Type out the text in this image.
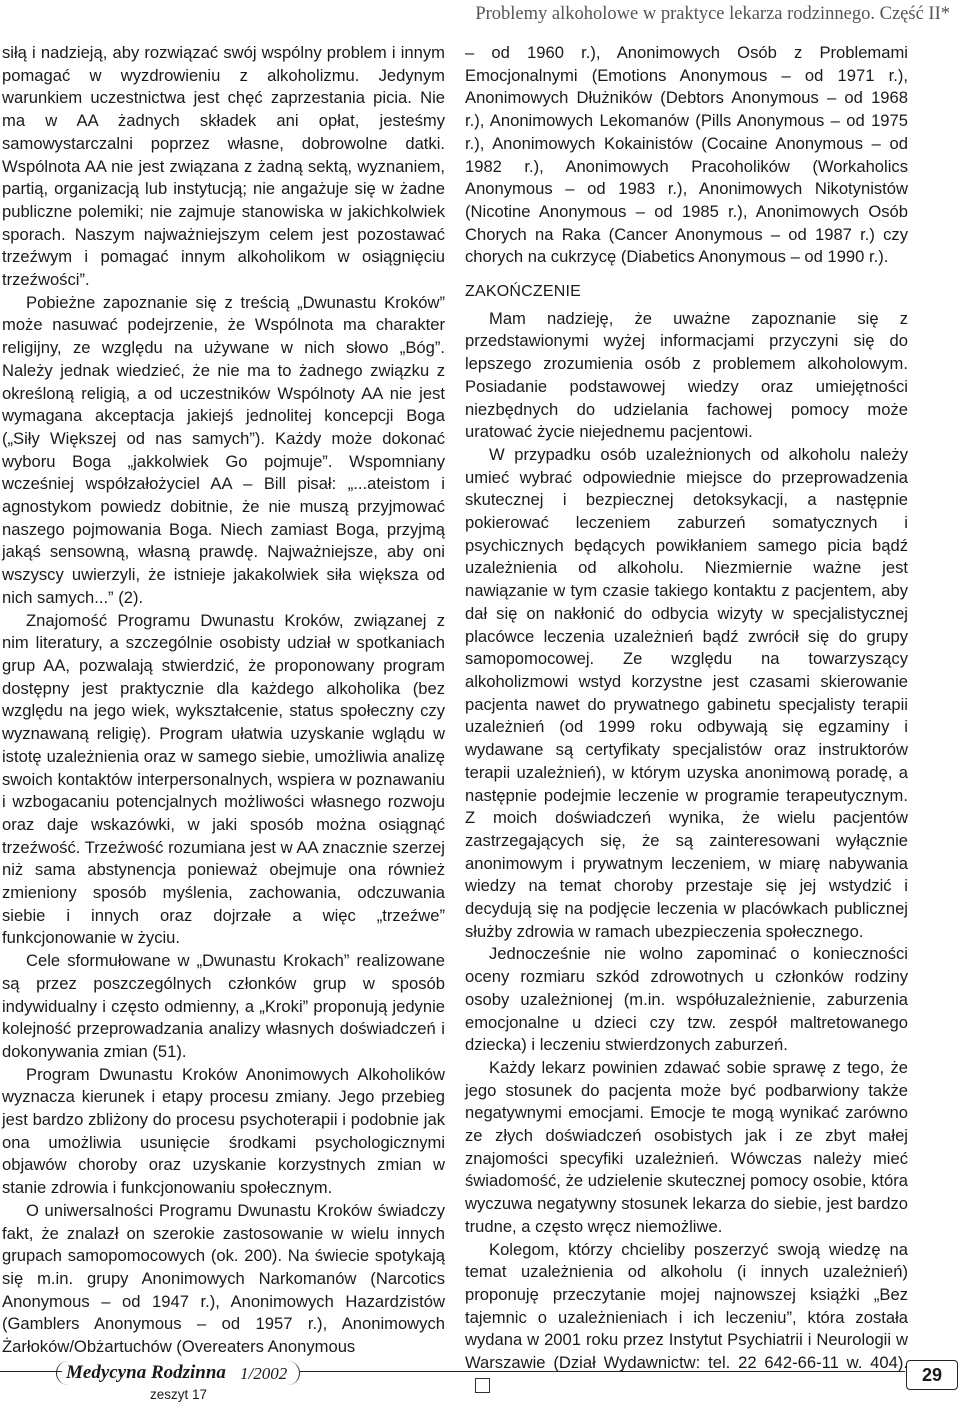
Problemy alkoholowe w praktyce lekarza rodzinnego. Część II*

siłą i nadzieją, aby rozwiązać swój wspólny problem i innym pomagać w wyzdrowieniu z alkoholizmu. Jedynym warunkiem uczestnictwa jest chęć zaprzestania picia. Nie ma w AA żadnych składek ani opłat, jesteśmy samowystarczalni poprzez własne, dobrowolne datki. Wspólnota AA nie jest związana z żadną sektą, wyznaniem, partią, organizacją lub instytucją; nie angażuje się w żadne publiczne polemiki; nie zajmuje stanowiska w jakichkolwiek sporach. Naszym najważniejszym celem jest pozostawać trzeźwym i pomagać innym alkoholikom w osiągnięciu trzeźwości”.

Pobieżne zapoznanie się z treścią „Dwunastu Kroków” może nasuwać podejrzenie, że Wspólnota ma charakter religijny, ze względu na używane w nich słowo „Bóg”. Należy jednak wiedzieć, że nie ma to żadnego związku z określoną religią, a od uczestników Wspólnoty AA nie jest wymagana akceptacja jakiejś jednolitej koncepcji Boga („Siły Większej od nas samych”). Każdy może dokonać wyboru Boga „jakkolwiek Go pojmuje”. Wspomniany wcześniej współzałożyciel AA – Bill pisał: „...ateistom i agnostykom powiedz dobitnie, że nie muszą przyjmować naszego pojmowania Boga. Niech zamiast Boga, przyjmą jakąś sensowną, własną prawdę. Najważniejsze, aby oni wszyscy uwierzyli, że istnieje jakakolwiek siła większa od nich samych...” (2).

Znajomość Programu Dwunastu Kroków, związanej z nim literatury, a szczególnie osobisty udział w spotkaniach grup AA, pozwalają stwierdzić, że proponowany program dostępny jest praktycznie dla każdego alkoholika (bez względu na jego wiek, wykształcenie, status społeczny czy wyznawaną religię). Program ułatwia uzyskanie wglądu w istotę uzależnienia oraz w samego siebie, umożliwia analizę swoich kontaktów interpersonalnych, wspiera w poznawaniu i wzbogacaniu potencjalnych możliwości własnego rozwoju oraz daje wskazówki, w jaki sposób można osiągnąć trzeźwość. Trzeźwość rozumiana jest w AA znacznie szerzej niż sama abstynencja ponieważ obejmuje ona również zmieniony sposób myślenia, zachowania, odczuwania siebie i innych oraz dojrzałe a więc „trzeźwe” funkcjonowanie w życiu.

Cele sformułowane w „Dwunastu Krokach” realizowane są przez poszczególnych członków grup w sposób indywidualny i często odmienny, a „Kroki” proponują jedynie kolejność przeprowadzania analizy własnych doświadczeń i dokonywania zmian (51).

Program Dwunastu Kroków Anonimowych Alkoholików wyznacza kierunek i etapy procesu zmiany. Jego przebieg jest bardzo zbliżony do procesu psychoterapii i podobnie jak ona umożliwia usunięcie środkami psychologicznymi objawów choroby oraz uzyskanie korzystnych zmian w stanie zdrowia i funkcjonowaniu społecznym.

O uniwersalności Programu Dwunastu Kroków świadczy fakt, że znalazł on szerokie zastosowanie w wielu innych grupach samopomocowych (ok. 200). Na świecie spotykają się m.in. grupy Anonimowych Narkomanów (Narcotics Anonymous – od 1947 r.), Anonimowych Hazardzistów (Gamblers Anonymous – od 1957 r.), Anonimowych Żarłoków/Obżartuchów (Overeaters Anonymous

– od 1960 r.), Anonimowych Osób z Problemami Emocjonalnymi (Emotions Anonymous – od 1971 r.), Anonimowych Dłużników (Debtors Anonymous – od 1968 r.), Anonimowych Lekomanów (Pills Anonymous – od 1975 r.), Anonimowych Kokainistów (Cocaine Anonymous – od 1982 r.), Anonimowych Pracoholików (Workaholics Anonymous – od 1983 r.), Anonimowych Nikotynistów (Nicotine Anonymous – od 1985 r.), Anonimowych Osób Chorych na Raka (Cancer Anonymous – od 1987 r.) czy chorych na cukrzycę (Diabetics Anonymous – od 1990 r.).

ZAKOŃCZENIE

Mam nadzieję, że uważne zapoznanie się z przedstawionymi wyżej informacjami przyczyni się do lepszego zrozumienia osób z problemem alkoholowym. Posiadanie podstawowej wiedzy oraz umiejętności niezbędnych do udzielania fachowej pomocy może uratować życie niejednemu pacjentowi.

W przypadku osób uzależnionych od alkoholu należy umieć wybrać odpowiednie miejsce do przeprowadzenia skutecznej i bezpiecznej detoksykacji, a następnie pokierować leczeniem zaburzeń somatycznych i psychicznych będących powikłaniem samego picia bądź uzależnienia od alkoholu. Niezmiernie ważne jest nawiązanie w tym czasie takiego kontaktu z pacjentem, aby dał się on nakłonić do odbycia wizyty w specjalistycznej placówce leczenia uzależnień bądź zwrócił się do grupy samopomocowej. Ze względu na towarzyszący alkoholizmowi wstyd korzystne jest czasami skierowanie pacjenta nawet do prywatnego gabinetu specjalisty terapii uzależnień (od 1999 roku odbywają się egzaminy i wydawane są certyfikaty specjalistów oraz instruktorów terapii uzależnień), w którym uzyska anonimową poradę, a następnie podejmie leczenie w programie terapeutycznym. Z moich doświadczeń wynika, że wielu pacjentów zastrzegających się, że są zainteresowani wyłącznie anonimowym i prywatnym leczeniem, w miarę nabywania wiedzy na temat choroby przestaje się jej wstydzić i decydują się na podjęcie leczenia w placówkach publicznej służby zdrowia w ramach ubezpieczenia społecznego.

Jednocześnie nie wolno zapominać o konieczności oceny rozmiaru szkód zdrowotnych u członków rodziny osoby uzależnionej (m.in. współuzależnienie, zaburzenia emocjonalne u dzieci czy tzw. zespół maltretowanego dziecka) i leczeniu stwierdzonych zaburzeń.

Każdy lekarz powinien zdawać sobie sprawę z tego, że jego stosunek do pacjenta może być podbarwiony także negatywnymi emocjami. Emocje te mogą wynikać zarówno ze złych doświadczeń osobistych jak i ze zbyt małej znajomości specyfiki uzależnień. Wówczas należy mieć świadomość, że udzielenie skutecznej pomocy osobie, która wyczuwa negatywny stosunek lekarza do siebie, jest bardzo trudne, a często wręcz niemożliwe.

Kolegom, którzy chcieliby poszerzyć swoją wiedzę na temat uzależnienia od alkoholu (i innych uzależnień) proponuję przeczytanie mojej najnowszej książki „Bez tajemnic o uzależnieniach i ich leczeniu”, która została wydana w 2001 roku przez Instytut Psychiatrii i Neurologii w Warszawie (Dział Wydawnictw: tel. 22 642-66-11 w. 404).

Medycyna Rodzinna 1/2002
zeszyt 17
29
